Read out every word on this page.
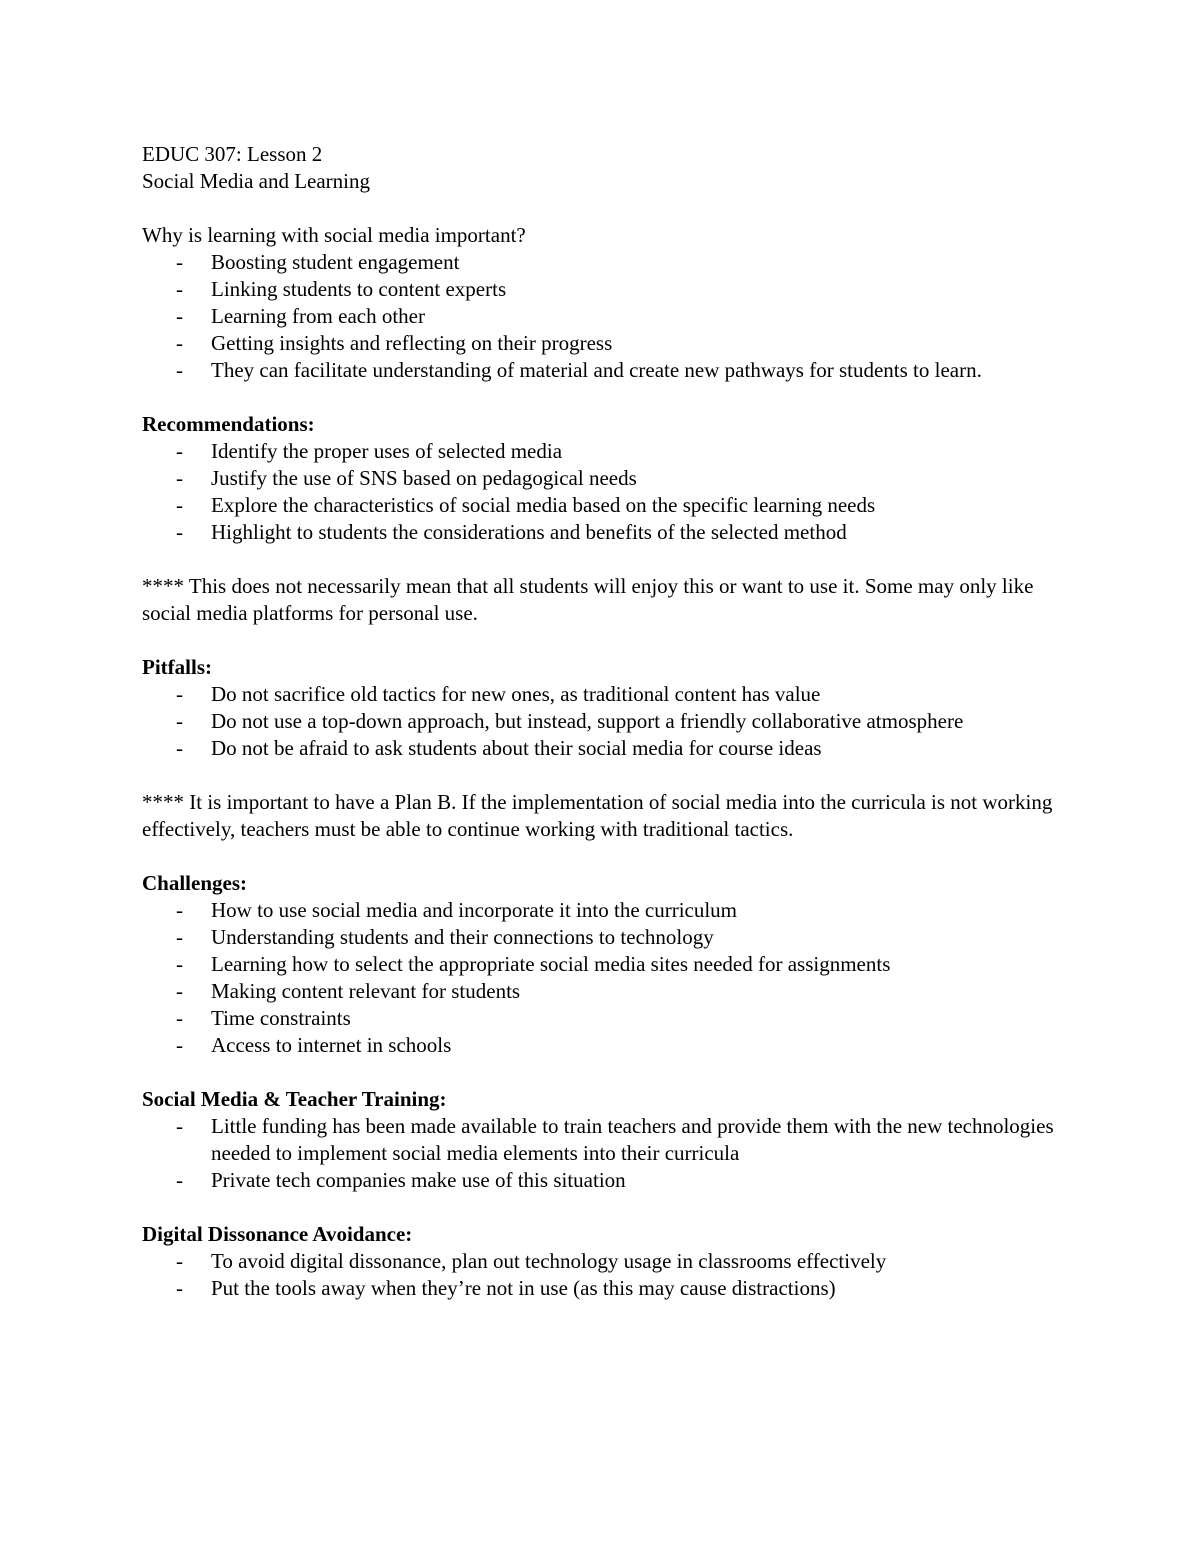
EDUC 307: Lesson 2

Social Media and Learning

Why is learning with social media important?

- Boosting student engagement
- Linking students to content experts
- Learning from each other
- Getting insights and reflecting on their progress
- They can facilitate understanding of material and create new pathways for students to learn.

Recommendations:

- Identify the proper uses of selected media
- Justify the use of SNS based on pedagogical needs
- Explore the characteristics of social media based on the specific learning needs
- Highlight to students the considerations and benefits of the selected method

**** This does not necessarily mean that all students will enjoy this or want to use it. Some may only like social media platforms for personal use.

Pitfalls:

- Do not sacrifice old tactics for new ones, as traditional content has value
- Do not use a top-down approach, but instead, support a friendly collaborative atmosphere
- Do not be afraid to ask students about their social media for course ideas

**** It is important to have a Plan B. If the implementation of social media into the curricula is not working effectively, teachers must be able to continue working with traditional tactics.

Challenges:

- How to use social media and incorporate it into the curriculum
- Understanding students and their connections to technology
- Learning how to select the appropriate social media sites needed for assignments
- Making content relevant for students
- Time constraints
- Access to internet in schools

Social Media & Teacher Training:

- Little funding has been made available to train teachers and provide them with the new technologies needed to implement social media elements into their curricula
- Private tech companies make use of this situation

Digital Dissonance Avoidance:

- To avoid digital dissonance, plan out technology usage in classrooms effectively
- Put the tools away when they’re not in use (as this may cause distractions)
